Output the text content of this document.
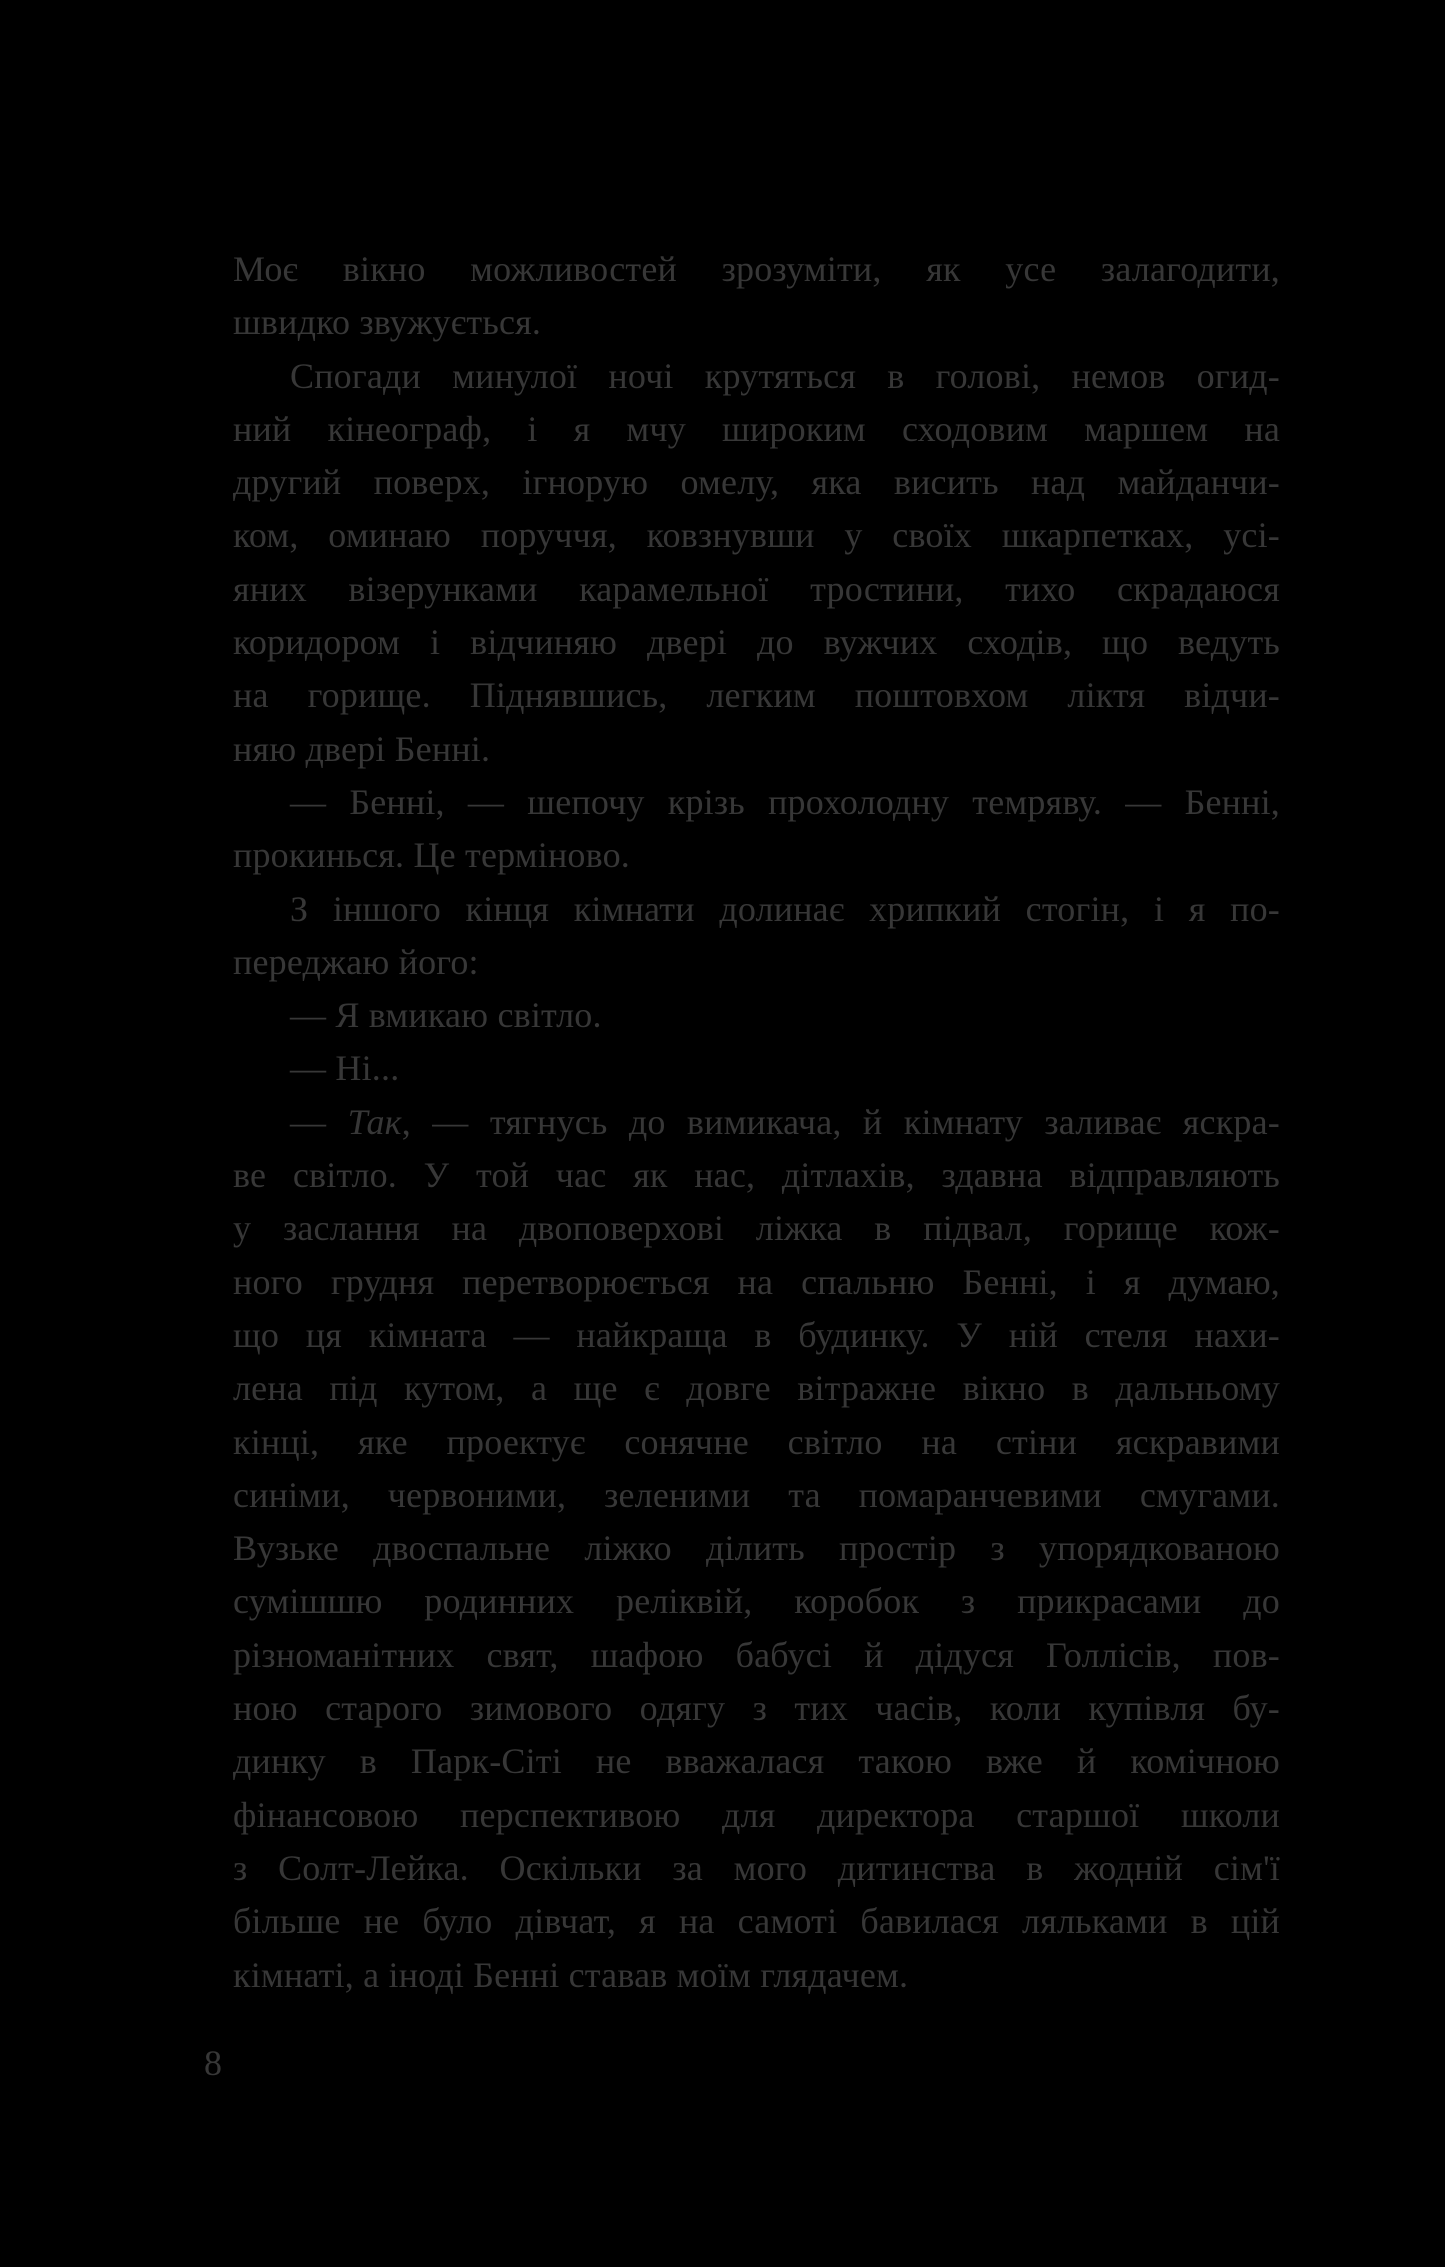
Моє вікно можливостей зрозуміти, як усе залагодити,
швидко звужується.
Спогади минулої ночі крутяться в голові, немов огид-
ний кінеограф, і я мчу широким сходовим маршем на
другий поверх, ігнорую омелу, яка висить над майданчи-
ком, оминаю поруччя, ковзнувши у своїх шкарпетках, усі-
яних візерунками карамельної тростини, тихо скрадаюся
коридором і відчиняю двері до вужчих сходів, що ведуть
на горище. Піднявшись, легким поштовхом ліктя відчи-
няю двері Бенні.
— Бенні, — шепочу крізь прохолодну темряву. — Бенні,
прокинься. Це терміново.
З іншого кінця кімнати долинає хрипкий стогін, і я по-
переджаю його:
— Я вмикаю світло.
— Ні...
— Так, — тягнусь до вимикача, й кімнату заливає яскра-
ве світло. У той час як нас, дітлахів, здавна відправляють
у заслання на двоповерхові ліжка в підвал, горище кож-
ного грудня перетворюється на спальню Бенні, і я думаю,
що ця кімната — найкраща в будинку. У ній стеля нахи-
лена під кутом, а ще є довге вітражне вікно в дальньому
кінці, яке проектує сонячне світло на стіни яскравими
синіми, червоними, зеленими та помаранчевими смугами.
Вузьке двоспальне ліжко ділить простір з упорядкованою
сумішшю родинних реліквій, коробок з прикрасами до
різноманітних свят, шафою бабусі й дідуся Голлісів, пов-
ною старого зимового одягу з тих часів, коли купівля бу-
динку в Парк-Сіті не вважалася такою вже й комічною
фінансовою перспективою для директора старшої школи
з Солт-Лейка. Оскільки за мого дитинства в жодній сім'ї
більше не було дівчат, я на самоті бавилася ляльками в цій
кімнаті, а іноді Бенні ставав моїм глядачем.
8
